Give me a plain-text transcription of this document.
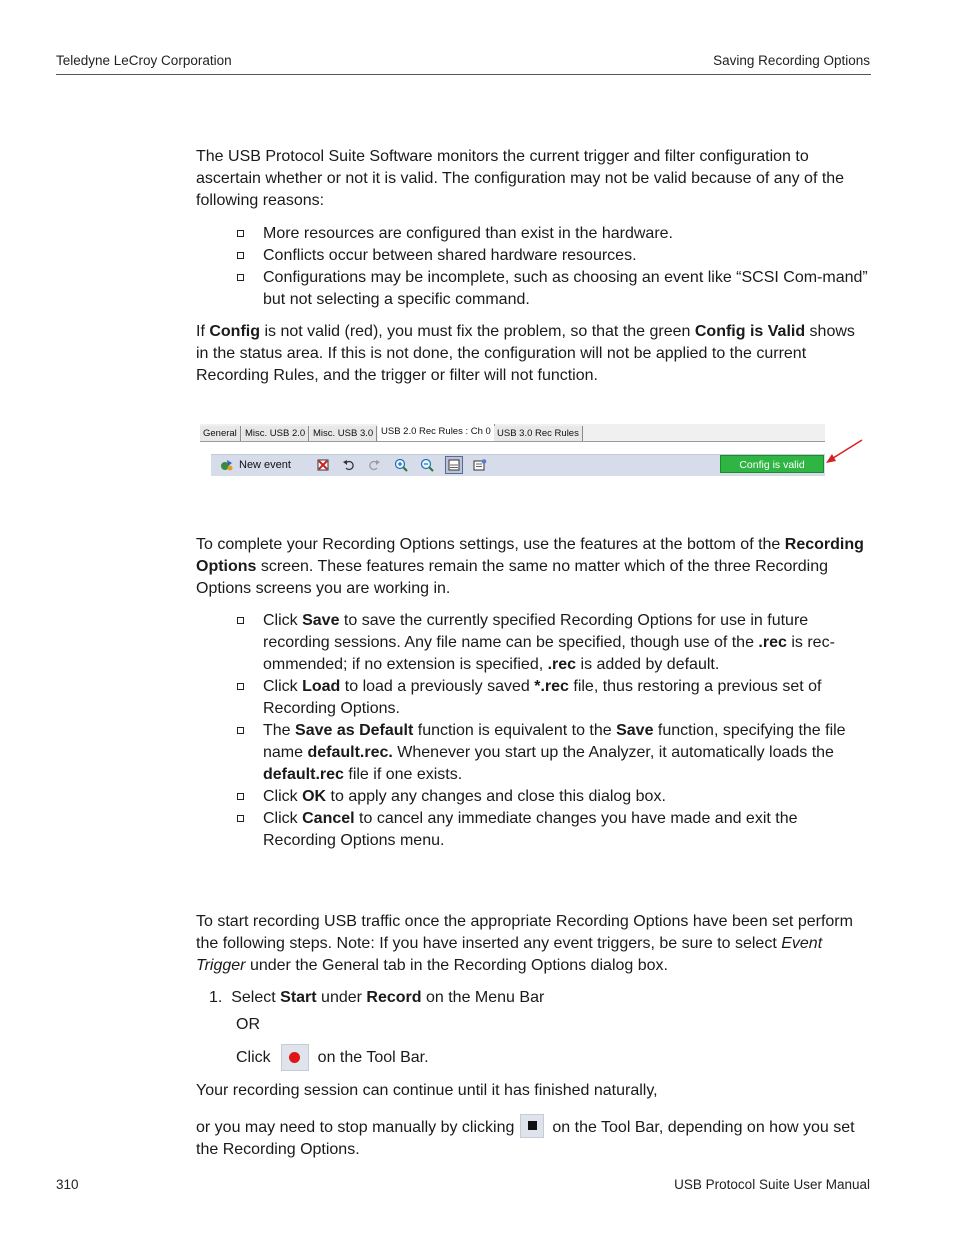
Teledyne LeCroy Corporation	Saving Recording Options
The USB Protocol Suite Software monitors the current trigger and filter configuration to ascertain whether or not it is valid. The configuration may not be valid because of any of the following reasons:
More resources are configured than exist in the hardware.
Conflicts occur between shared hardware resources.
Configurations may be incomplete, such as choosing an event like “SCSI Com-mand” but not selecting a specific command.
If Config is not valid (red), you must fix the problem, so that the green Config is Valid shows in the status area. If this is not done, the configuration will not be applied to the current Recording Rules, and the trigger or filter will not function.
General Misc. USB 2.0 Misc. USB 3.0 USB 2.0 Rec Rules : Ch 0 USB 3.0 Rec Rules
New event	Config is valid
To complete your Recording Options settings, use the features at the bottom of the Recording Options screen. These features remain the same no matter which of the three Recording Options screens you are working in.
Click Save to save the currently specified Recording Options for use in future recording sessions. Any file name can be specified, though use of the .rec is rec-ommended; if no extension is specified, .rec is added by default.
Click Load to load a previously saved *.rec file, thus restoring a previous set of Recording Options.
The Save as Default function is equivalent to the Save function, specifying the file name default.rec. Whenever you start up the Analyzer, it automatically loads the default.rec file if one exists.
Click OK to apply any changes and close this dialog box.
Click Cancel to cancel any immediate changes you have made and exit the Recording Options menu.
To start recording USB traffic once the appropriate Recording Options have been set perform the following steps. Note: If you have inserted any event triggers, be sure to select Event Trigger under the General tab in the Recording Options dialog box.
1. Select Start under Record on the Menu Bar
OR
Click	on the Tool Bar.
Your recording session can continue until it has finished naturally,
or you may need to stop manually by clicking on the Tool Bar, depending on how you set the Recording Options.
310	USB Protocol Suite User Manual
